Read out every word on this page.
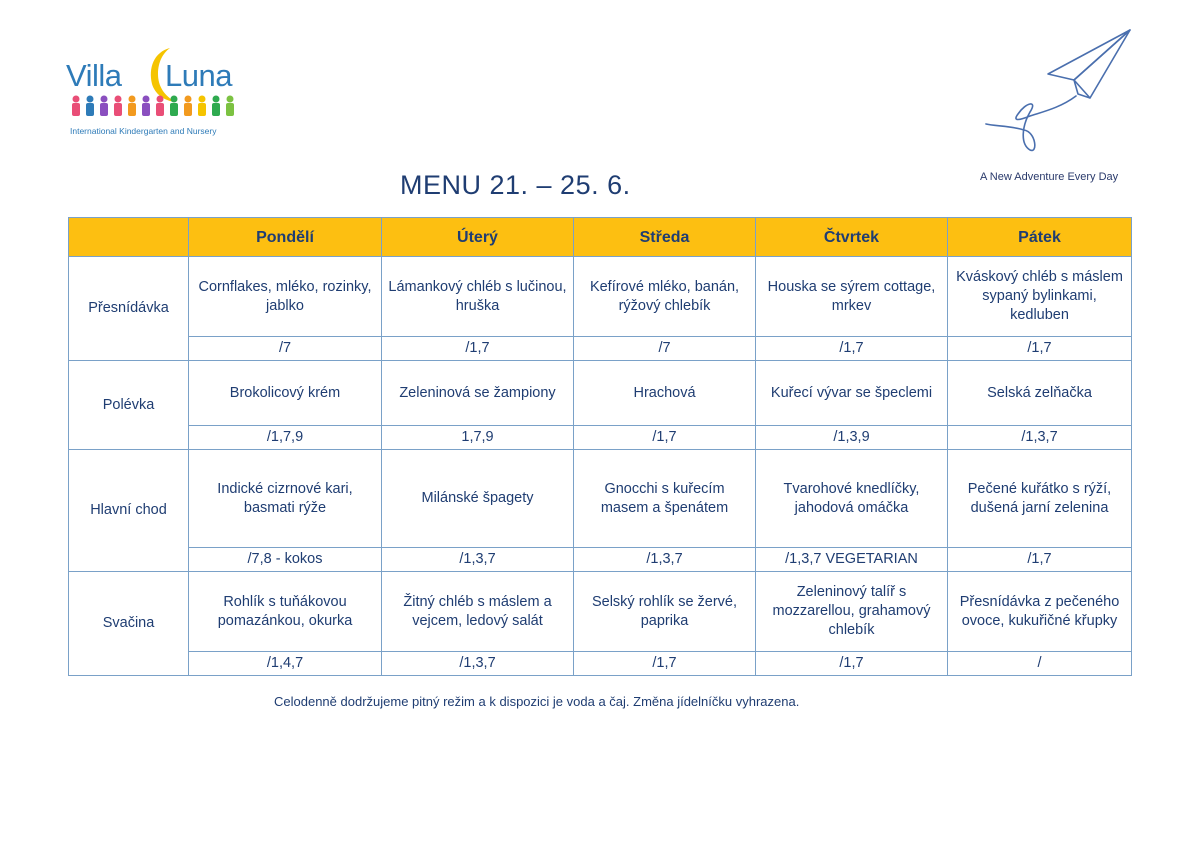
Villa Luna
International Kindergarten and Nursery
A New Adventure Every Day
MENU 21. – 25. 6.
	Pondělí	Úterý	Středa	Čtvrtek	Pátek
Přesnídávka	Cornflakes, mléko, rozinky, jablko	Lámankový chléb s lučinou, hruška	Kefírové mléko, banán, rýžový chlebík	Houska se sýrem cottage, mrkev	Kváskový chléb s máslem sypaný bylinkami, kedluben
	/7	/1,7	/7	/1,7	/1,7
Polévka	Brokolicový krém	Zeleninová se žampiony	Hrachová	Kuřecí vývar se špeclemi	Selská zelňačka
	/1,7,9	1,7,9	/1,7	/1,3,9	/1,3,7
Hlavní chod	Indické cizrnové kari, basmati rýže	Milánské špagety	Gnocchi s kuřecím masem a špenátem	Tvarohové knedlíčky, jahodová omáčka	Pečené kuřátko s rýží, dušená jarní zelenina
	/7,8 - kokos	/1,3,7	/1,3,7	/1,3,7 VEGETARIAN	/1,7
Svačina	Rohlík s tuňákovou pomazánkou, okurka	Žitný chléb s máslem a vejcem, ledový salát	Selský rohlík se žervé, paprika	Zeleninový talíř s mozzarellou, grahamový chlebík	Přesnídávka z pečeného ovoce, kukuřičné křupky
	/1,4,7	/1,3,7	/1,7	/1,7	/
Celodenně dodržujeme pitný režim a k dispozici je voda a čaj. Změna jídelníčku vyhrazena.
